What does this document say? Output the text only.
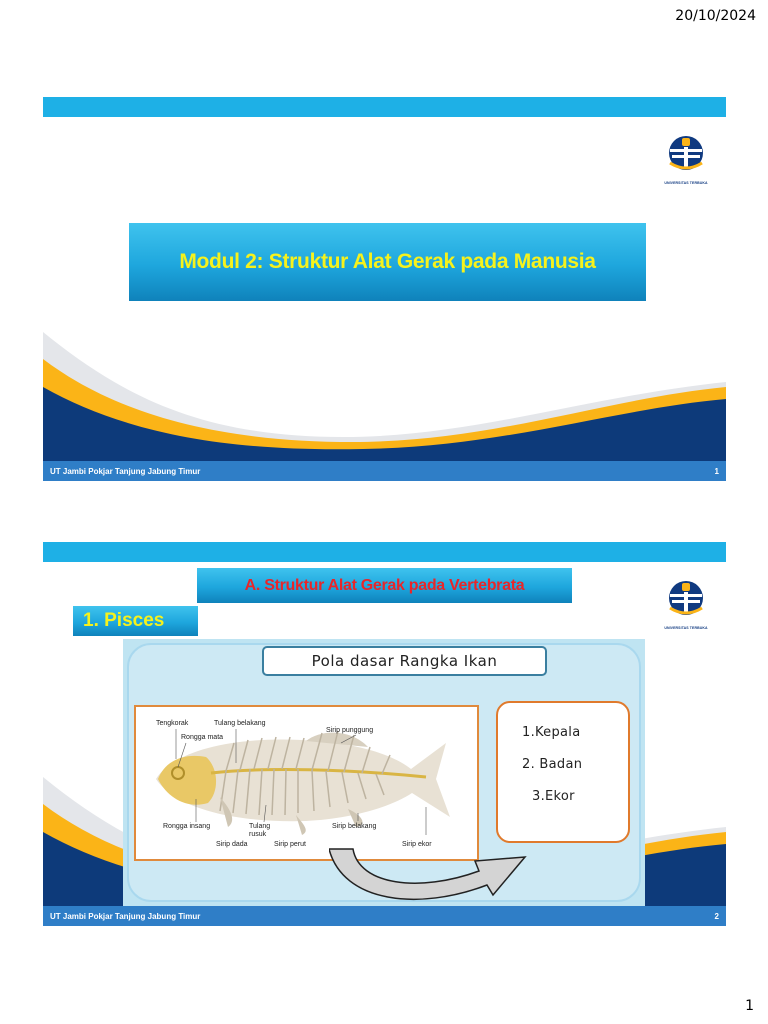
20/10/2024
UNIVERSITAS TERBUKA
Modul 2: Struktur Alat Gerak pada Manusia
UT Jambi Pokjar Tanjung Jabung Timur	1
UNIVERSITAS TERBUKA
A. Struktur Alat Gerak pada Vertebrata
1. Pisces
Pola dasar Rangka Ikan
Tengkorak	Tulang belakang
Rongga mata
Sirip punggung
Rongga insang	Tulang
rusuk
Sirip belakang
Sirip dada	Sirip perut	Sirip ekor
1.Kepala
2. Badan
3.Ekor
UT Jambi Pokjar Tanjung Jabung Timur	2
1
